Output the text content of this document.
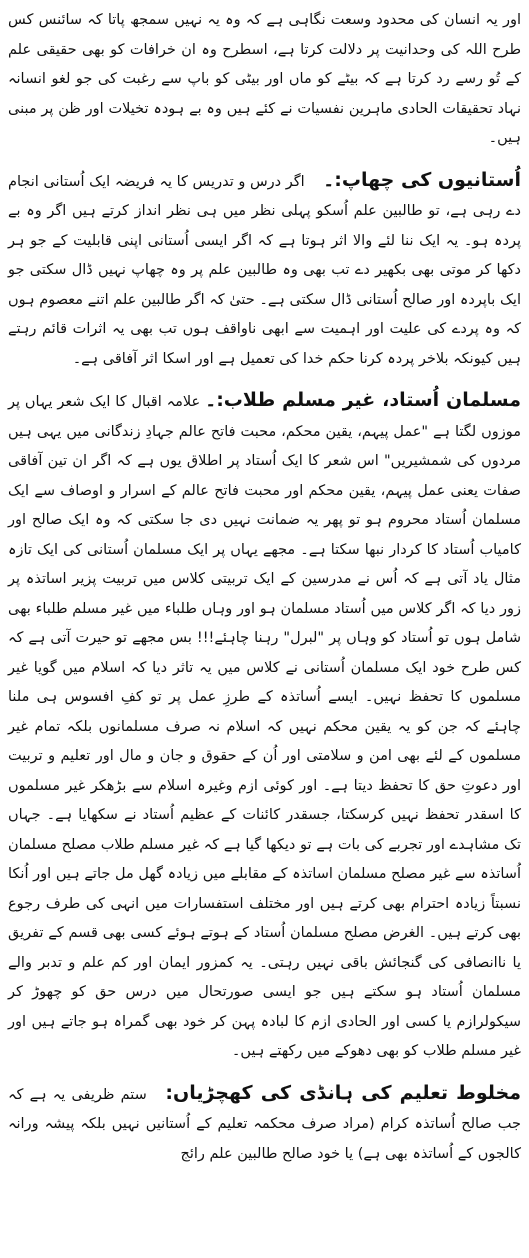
اور یہ انسان کی محدود وسعت نگاہی ہے کہ وہ یہ نہیں سمجھ پاتا کہ سائنس کس طرح اللہ کی وحدانیت پر دلالت کرتا ہے، اسطرح وہ ان خرافات کو بھی حقیقی علم کے تُو رسے رد کرتا ہے کہ بیٹے کو ماں اور بیٹی کو باپ سے رغبت کی جو لغو انسانہ نہاد تحقیقات الحادی ماہرین نفسیات نے کئے ہیں وہ بے ہودہ تخیلات اور ظن پر مبنی ہیں۔

اُستانیوں کی چھاپ:۔    اگر درس و تدریس کا یہ فریضہ ایک اُستانی انجام دے رہی ہے، تو طالبین علم اُسکو پہلی نظر میں ہی نظر انداز کرتے ہیں اگر وہ بے پردہ ہو۔ یہ ایک ننا لئے والا اثر ہوتا ہے کہ اگر ایسی اُستانی اپنی قابلیت کے جو ہر دکھا کر موتی بھی بکھیر دے تب بھی وہ طالبین علم پر وہ چھاپ نہیں ڈال سکتی جو ایک باپردہ اور صالح اُستانی ڈال سکتی ہے۔ حتیٰ کہ اگر طالبین علم اتنے معصوم ہوں کہ وہ پردے کی علیت اور اہمیت سے ابھی ناواقف ہوں تب بھی یہ اثرات قائم رہتے ہیں کیونکہ بلاخر پردہ کرنا حکم خدا کی تعمیل ہے اور اسکا اثر آفاقی ہے۔

مسلمان اُستاد، غیر مسلم طلاب:۔ علامہ اقبال کا ایک شعر یہاں پر موزوں لگتا ہے "عمل پیہم، یقین محکم، محبت فاتح عالم جہادِ زندگانی میں یہی ہیں مردوں کی شمشیریں" اس شعر کا ایک اُستاد پر اطلاق یوں ہے کہ اگر ان تین آفاقی صفات یعنی عمل پیہم، یقین محکم اور محبت فاتح عالم کے اسرار و اوصاف سے ایک مسلمان اُستاد محروم ہو تو پھر یہ ضمانت نہیں دی جا سکتی کہ وہ ایک صالح اور کامیاب اُستاد کا کردار نبھا سکتا ہے۔ مجھے یہاں پر ایک مسلمان اُستانی کی ایک تازہ مثال یاد آتی ہے کہ اُس نے مدرسین کے ایک تربیتی کلاس میں تربیت پزیر اساتذہ پر زور دیا کہ اگر کلاس میں اُستاد مسلمان ہو اور وہاں طلباء میں غیر مسلم طلباء بھی شامل ہوں تو اُستاد کو وہاں پر "لبرل" رہنا چاہئے!!! بس مجھے تو حیرت آتی ہے کہ کس طرح خود ایک مسلمان اُستانی نے کلاس میں یہ تاثر دیا کہ اسلام میں گویا غیر مسلموں کا تحفظ نہیں۔ ایسے اُساتذہ کے طرزِ عمل پر تو کفِ افسوس ہی ملنا چاہئے کہ جن کو یہ یقین محکم نہیں کہ اسلام نہ صرف مسلمانوں بلکہ تمام غیر مسلموں کے لئے بھی امن و سلامتی اور اُن کے حقوق و جان و مال اور تعلیم و تربیت اور دعوتِ حق کا تحفظ دیتا ہے۔ اور کوئی ازم وغیرہ اسلام سے بڑھکر غیر مسلموں کا اسقدر تحفظ نہیں کرسکتا، جسقدر کائنات کے عظیم اُستاد نے سکھایا ہے۔ جہاں تک مشاہدے اور تجربے کی بات ہے تو دیکھا گیا ہے کہ غیر مسلم طلاب مصلح مسلمان اُساتذہ سے غیر مصلح مسلمان اساتذہ کے مقابلے میں زیادہ گھل مل جاتے ہیں اور اُنکا نسبتاً زیادہ احترام بھی کرتے ہیں اور مختلف استفسارات میں انہی کی طرف رجوع بھی کرتے ہیں۔ الغرض مصلح مسلمان اُستاد کے ہوتے ہوئے کسی بھی قسم کے تفریق یا ناانصافی کی گنجائش باقی نہیں رہتی۔ یہ کمزور ایمان اور کم علم و تدبر والے مسلمان اُستاد ہو سکتے ہیں جو ایسی صورتحال میں درس حق کو چھوڑ کر سیکولرازم یا کسی اور الحادی ازم کا لبادہ پہن کر خود بھی گمراہ ہو جاتے ہیں اور غیر مسلم طلاب کو بھی دھوکے میں رکھتے ہیں۔

مخلوط تعلیم کی ہانڈی کی کھچڑیاں:   ستم ظریفی یہ ہے کہ جب صالح اُساتذہ کرام (مراد صرف محکمہ تعلیم کے اُستانیں نہیں بلکہ پیشہ ورانہ کالجوں کے اُساتذہ بھی ہے) یا خود صالح طالبین علم رائج
